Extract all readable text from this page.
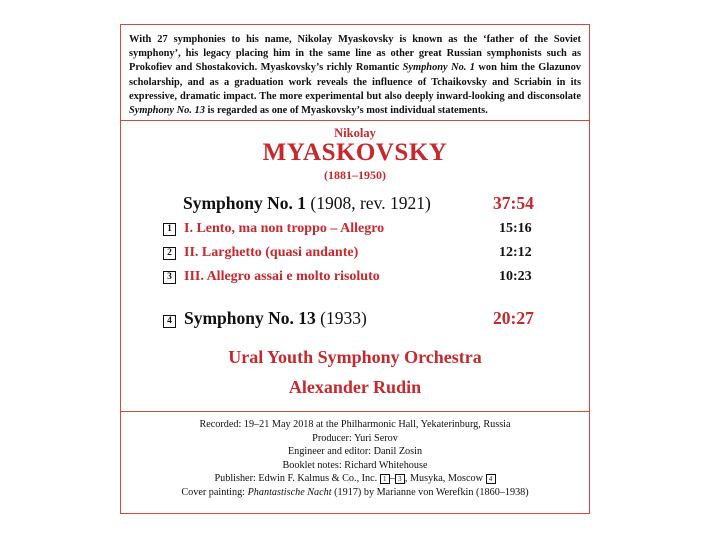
With 27 symphonies to his name, Nikolay Myaskovsky is known as the ‘father of the Soviet symphony’, his legacy placing him in the same line as other great Russian symphonists such as Prokofiev and Shostakovich. Myaskovsky’s richly Romantic Symphony No. 1 won him the Glazunov scholarship, and as a graduation work reveals the influence of Tchaikovsky and Scriabin in its expressive, dramatic impact. The more experimental but also deeply inward-looking and disconsolate Symphony No. 13 is regarded as one of Myaskovsky’s most individual statements.
Nikolay
MYASKOVSKY
(1881–1950)
Symphony No. 1 (1908, rev. 1921)	37:54
1 I. Lento, ma non troppo – Allegro	15:16
2 II. Larghetto (quasi andante)	12:12
3 III. Allegro assai e molto risoluto	10:23
4 Symphony No. 13 (1933)	20:27
Ural Youth Symphony Orchestra
Alexander Rudin
Recorded: 19–21 May 2018 at the Philharmonic Hall, Yekaterinburg, Russia
Producer: Yuri Serov
Engineer and editor: Danil Zosin
Booklet notes: Richard Whitehouse
Publisher: Edwin F. Kalmus & Co., Inc. 1 – 3 , Musyka, Moscow 4
Cover painting: Phantastische Nacht (1917) by Marianne von Werefkin (1860–1938)
